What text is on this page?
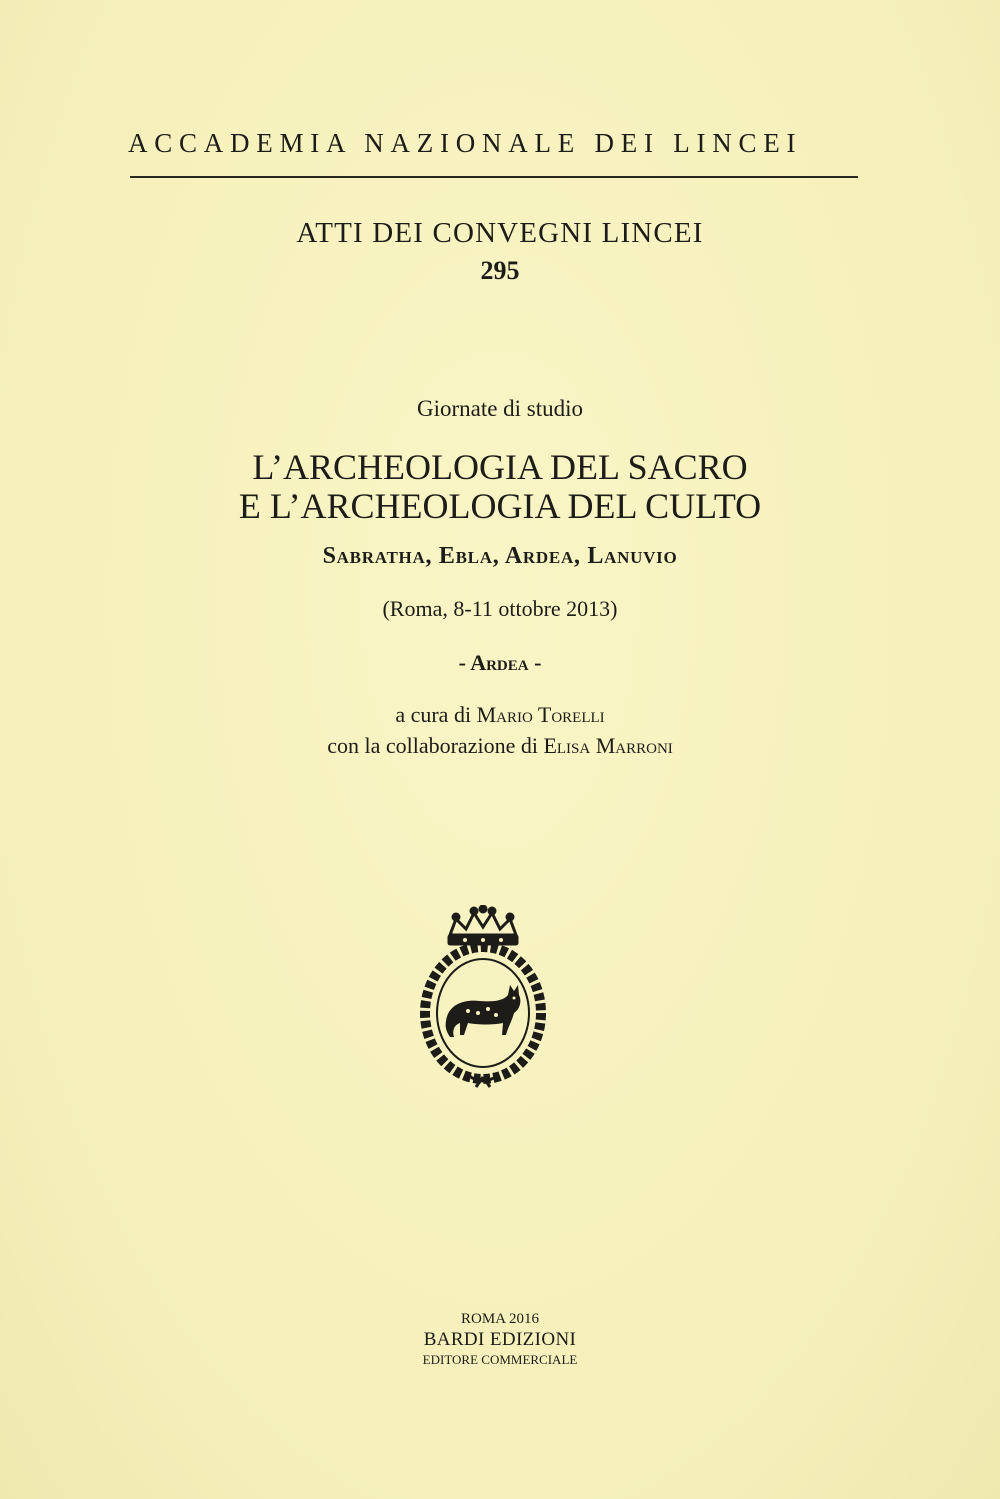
ACCADEMIA NAZIONALE DEI LINCEI
ATTI DEI CONVEGNI LINCEI
295
Giornate di studio
L’ARCHEOLOGIA DEL SACRO
E L’ARCHEOLOGIA DEL CULTO
Sabratha, Ebla, Ardea, Lanuvio
(Roma, 8-11 ottobre 2013)
- Ardea -
a cura di Mario Torelli
con la collaborazione di Elisa Marroni
ROMA 2016
BARDI EDIZIONI
EDITORE COMMERCIALE
